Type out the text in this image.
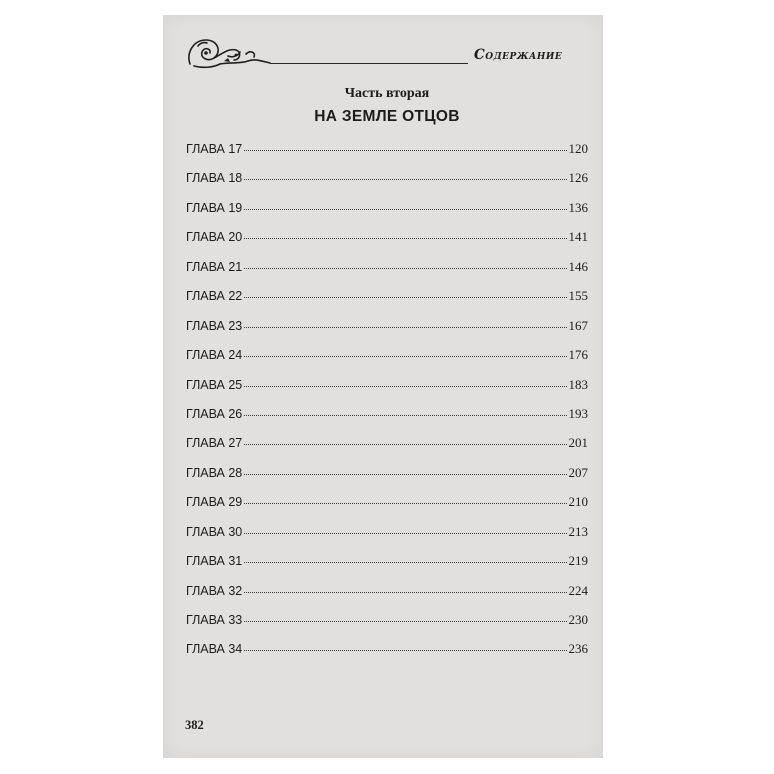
Содержание
Часть вторая
НА ЗЕМЛЕ ОТЦОВ
ГЛАВА 17	120
ГЛАВА 18	126
ГЛАВА 19	136
ГЛАВА 20	141
ГЛАВА 21	146
ГЛАВА 22	155
ГЛАВА 23	167
ГЛАВА 24	176
ГЛАВА 25	183
ГЛАВА 26	193
ГЛАВА 27	201
ГЛАВА 28	207
ГЛАВА 29	210
ГЛАВА 30	213
ГЛАВА 31	219
ГЛАВА 32	224
ГЛАВА 33	230
ГЛАВА 34	236
382
